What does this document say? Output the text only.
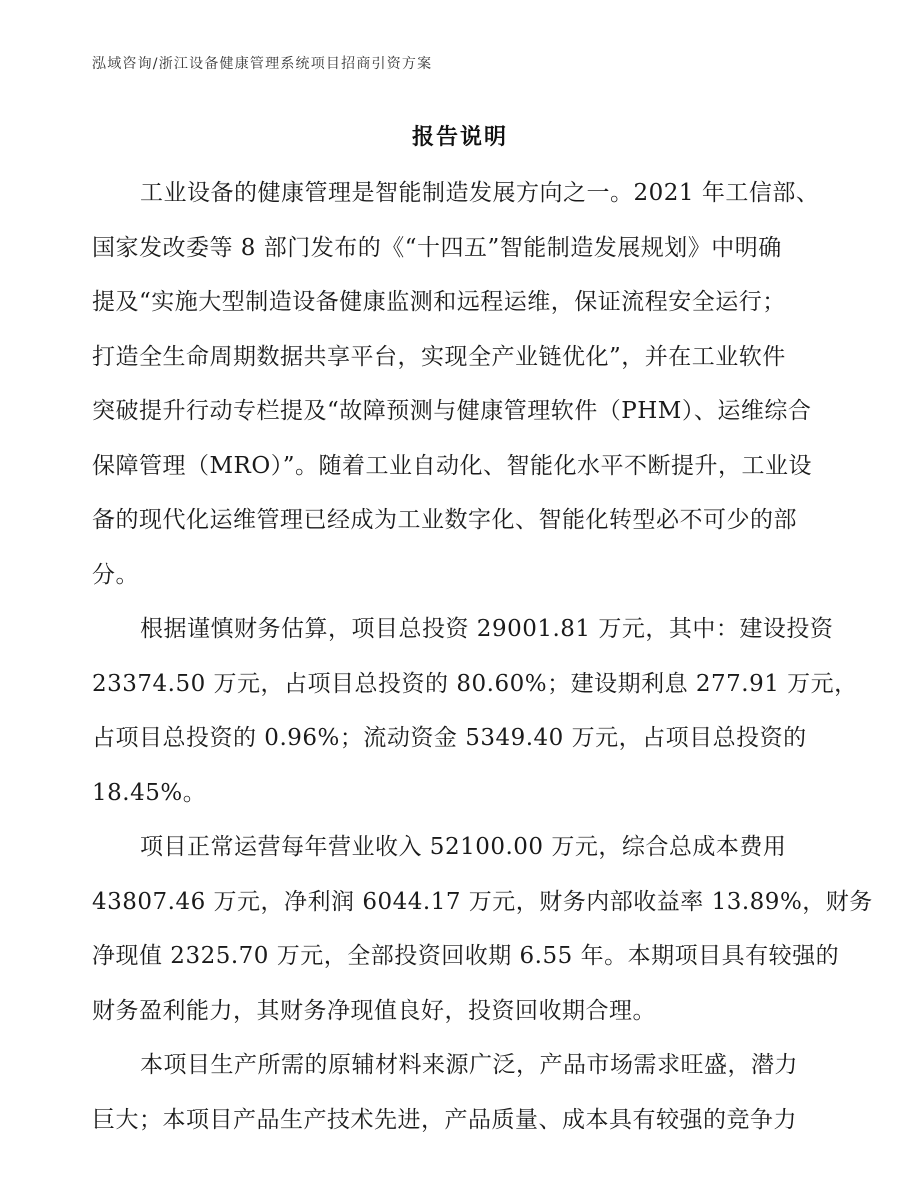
泓域咨询/浙江设备健康管理系统项目招商引资方案
报告说明

工业设备的健康管理是智能制造发展方向之一。2021 年工信部、
国家发改委等 8 部门发布的《“十四五”智能制造发展规划》中明确
提及“实施大型制造设备健康监测和远程运维，保证流程安全运行；
打造全生命周期数据共享平台，实现全产业链优化”，并在工业软件
突破提升行动专栏提及“故障预测与健康管理软件（PHM）、运维综合
保障管理（MRO）”。随着工业自动化、智能化水平不断提升，工业设
备的现代化运维管理已经成为工业数字化、智能化转型必不可少的部
分。

根据谨慎财务估算，项目总投资 29001.81 万元，其中：建设投资
23374.50 万元，占项目总投资的 80.60%；建设期利息 277.91 万元，
占项目总投资的 0.96%；流动资金 5349.40 万元，占项目总投资的
18.45%。

项目正常运营每年营业收入 52100.00 万元，综合总成本费用
43807.46 万元，净利润 6044.17 万元，财务内部收益率 13.89%，财务
净现值 2325.70 万元，全部投资回收期 6.55 年。本期项目具有较强的
财务盈利能力，其财务净现值良好，投资回收期合理。

本项目生产所需的原辅材料来源广泛，产品市场需求旺盛，潜力
巨大；本项目产品生产技术先进，产品质量、成本具有较强的竞争力
